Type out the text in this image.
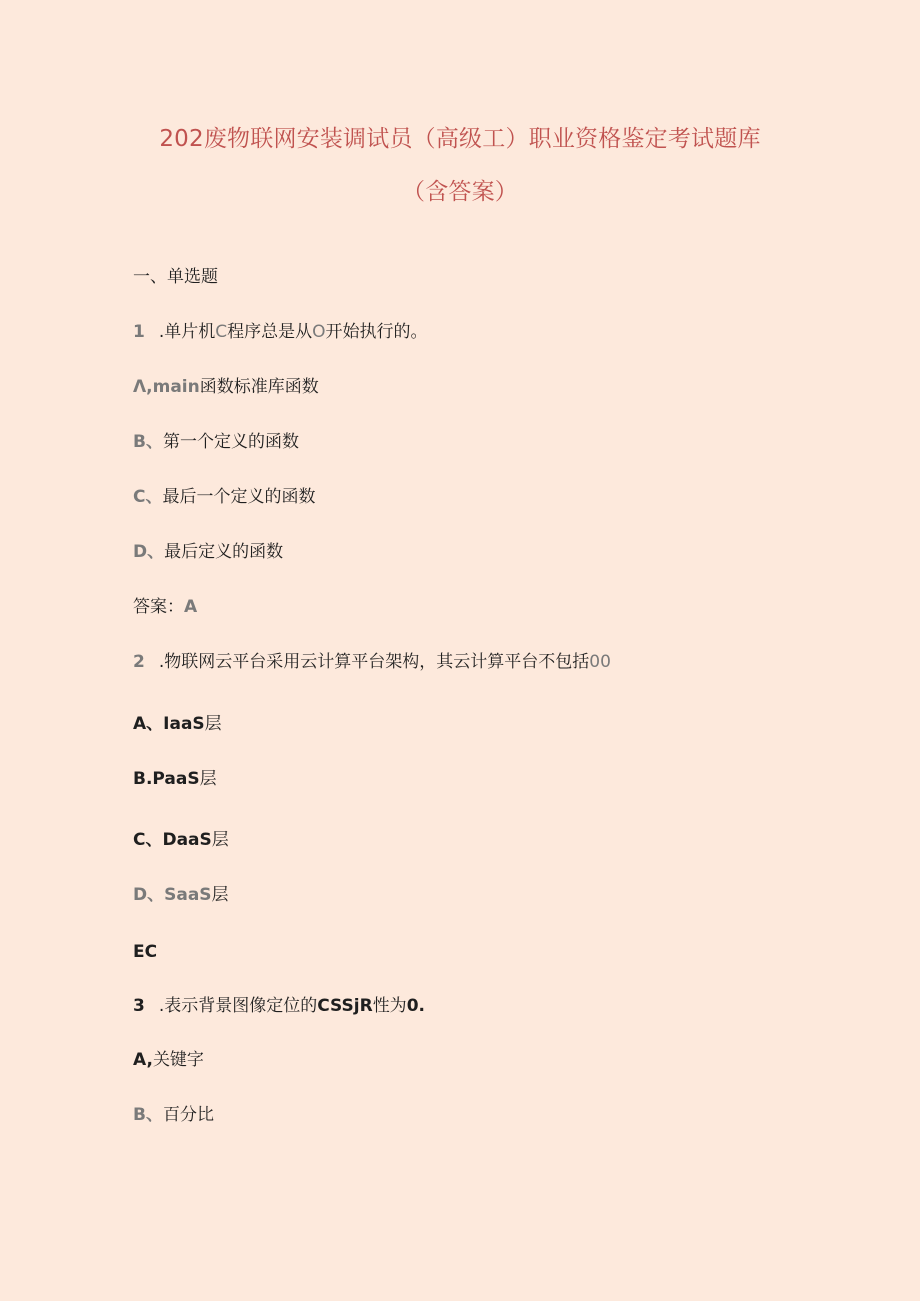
202废物联网安装调试员（高级工）职业资格鉴定考试题库
（含答案）
一、单选题
1 .单片机C程序总是从O开始执行的。
Λ,main函数标准库函数
B、第一个定义的函数
C、最后一个定义的函数
D、最后定义的函数
答案：A
2 .物联网云平台采用云计算平台架构，其云计算平台不包括00
A、IaaS层
B.PaaS层
C、DaaS层
D、SaaS层
EC
3 .表示背景图像定位的CSSjR性为0.
A,关键字
B、百分比
